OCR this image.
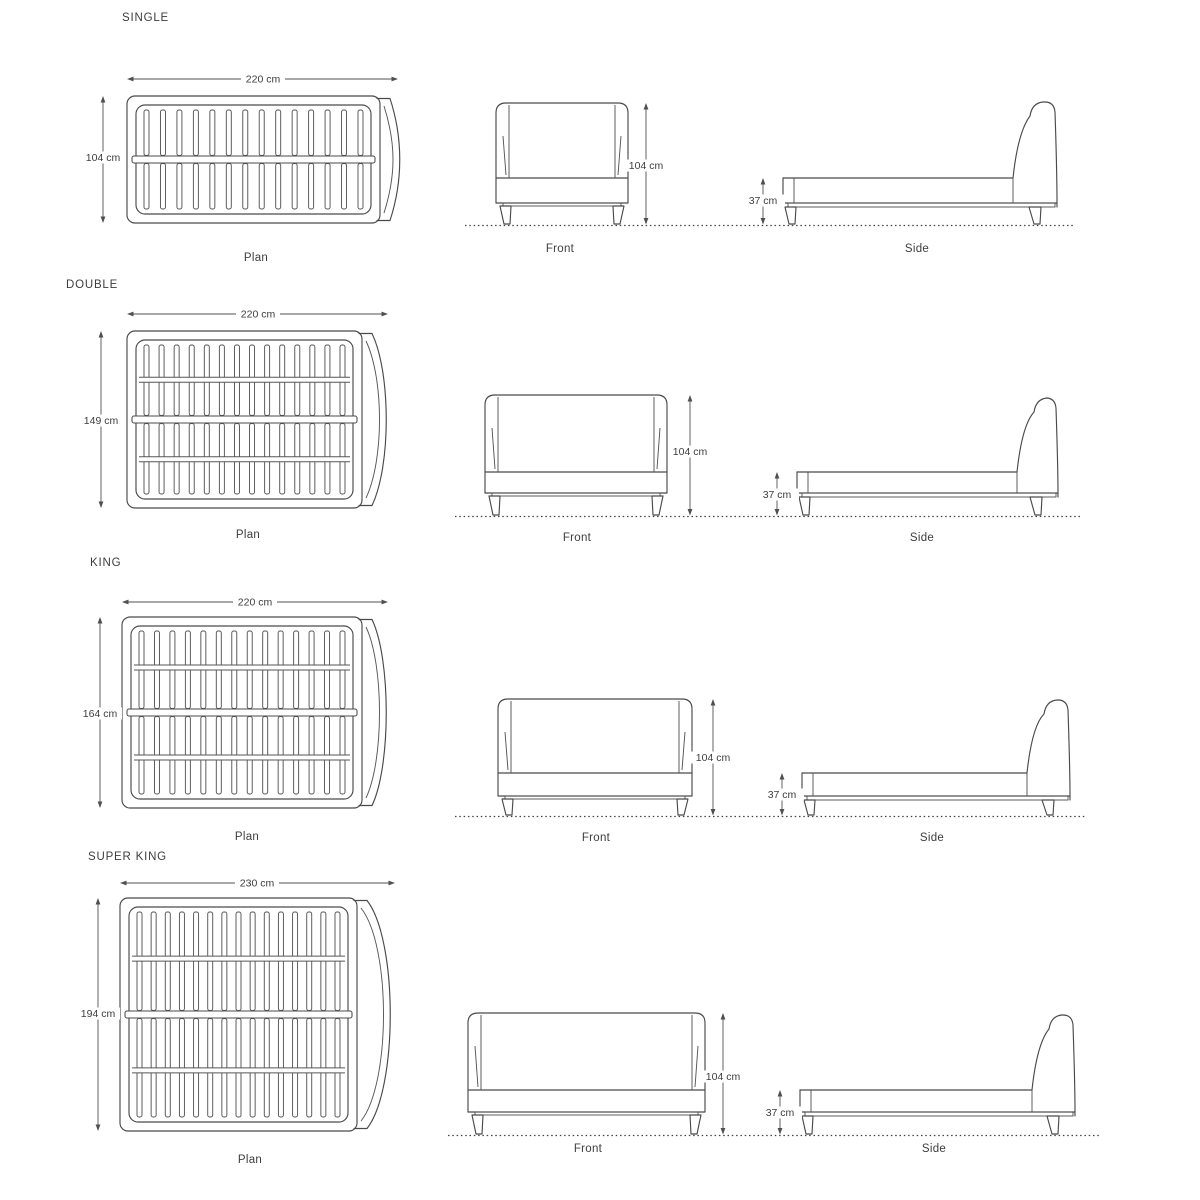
SINGLE
220 cm
104 cm
Plan
104 cm
Front
37 cm
Side
DOUBLE
220 cm
149 cm
Plan
104 cm
Front
37 cm
Side
KING
220 cm
164 cm
Plan
104 cm
Front
37 cm
Side
SUPER KING
230 cm
194 cm
Plan
104 cm
Front
37 cm
Side
